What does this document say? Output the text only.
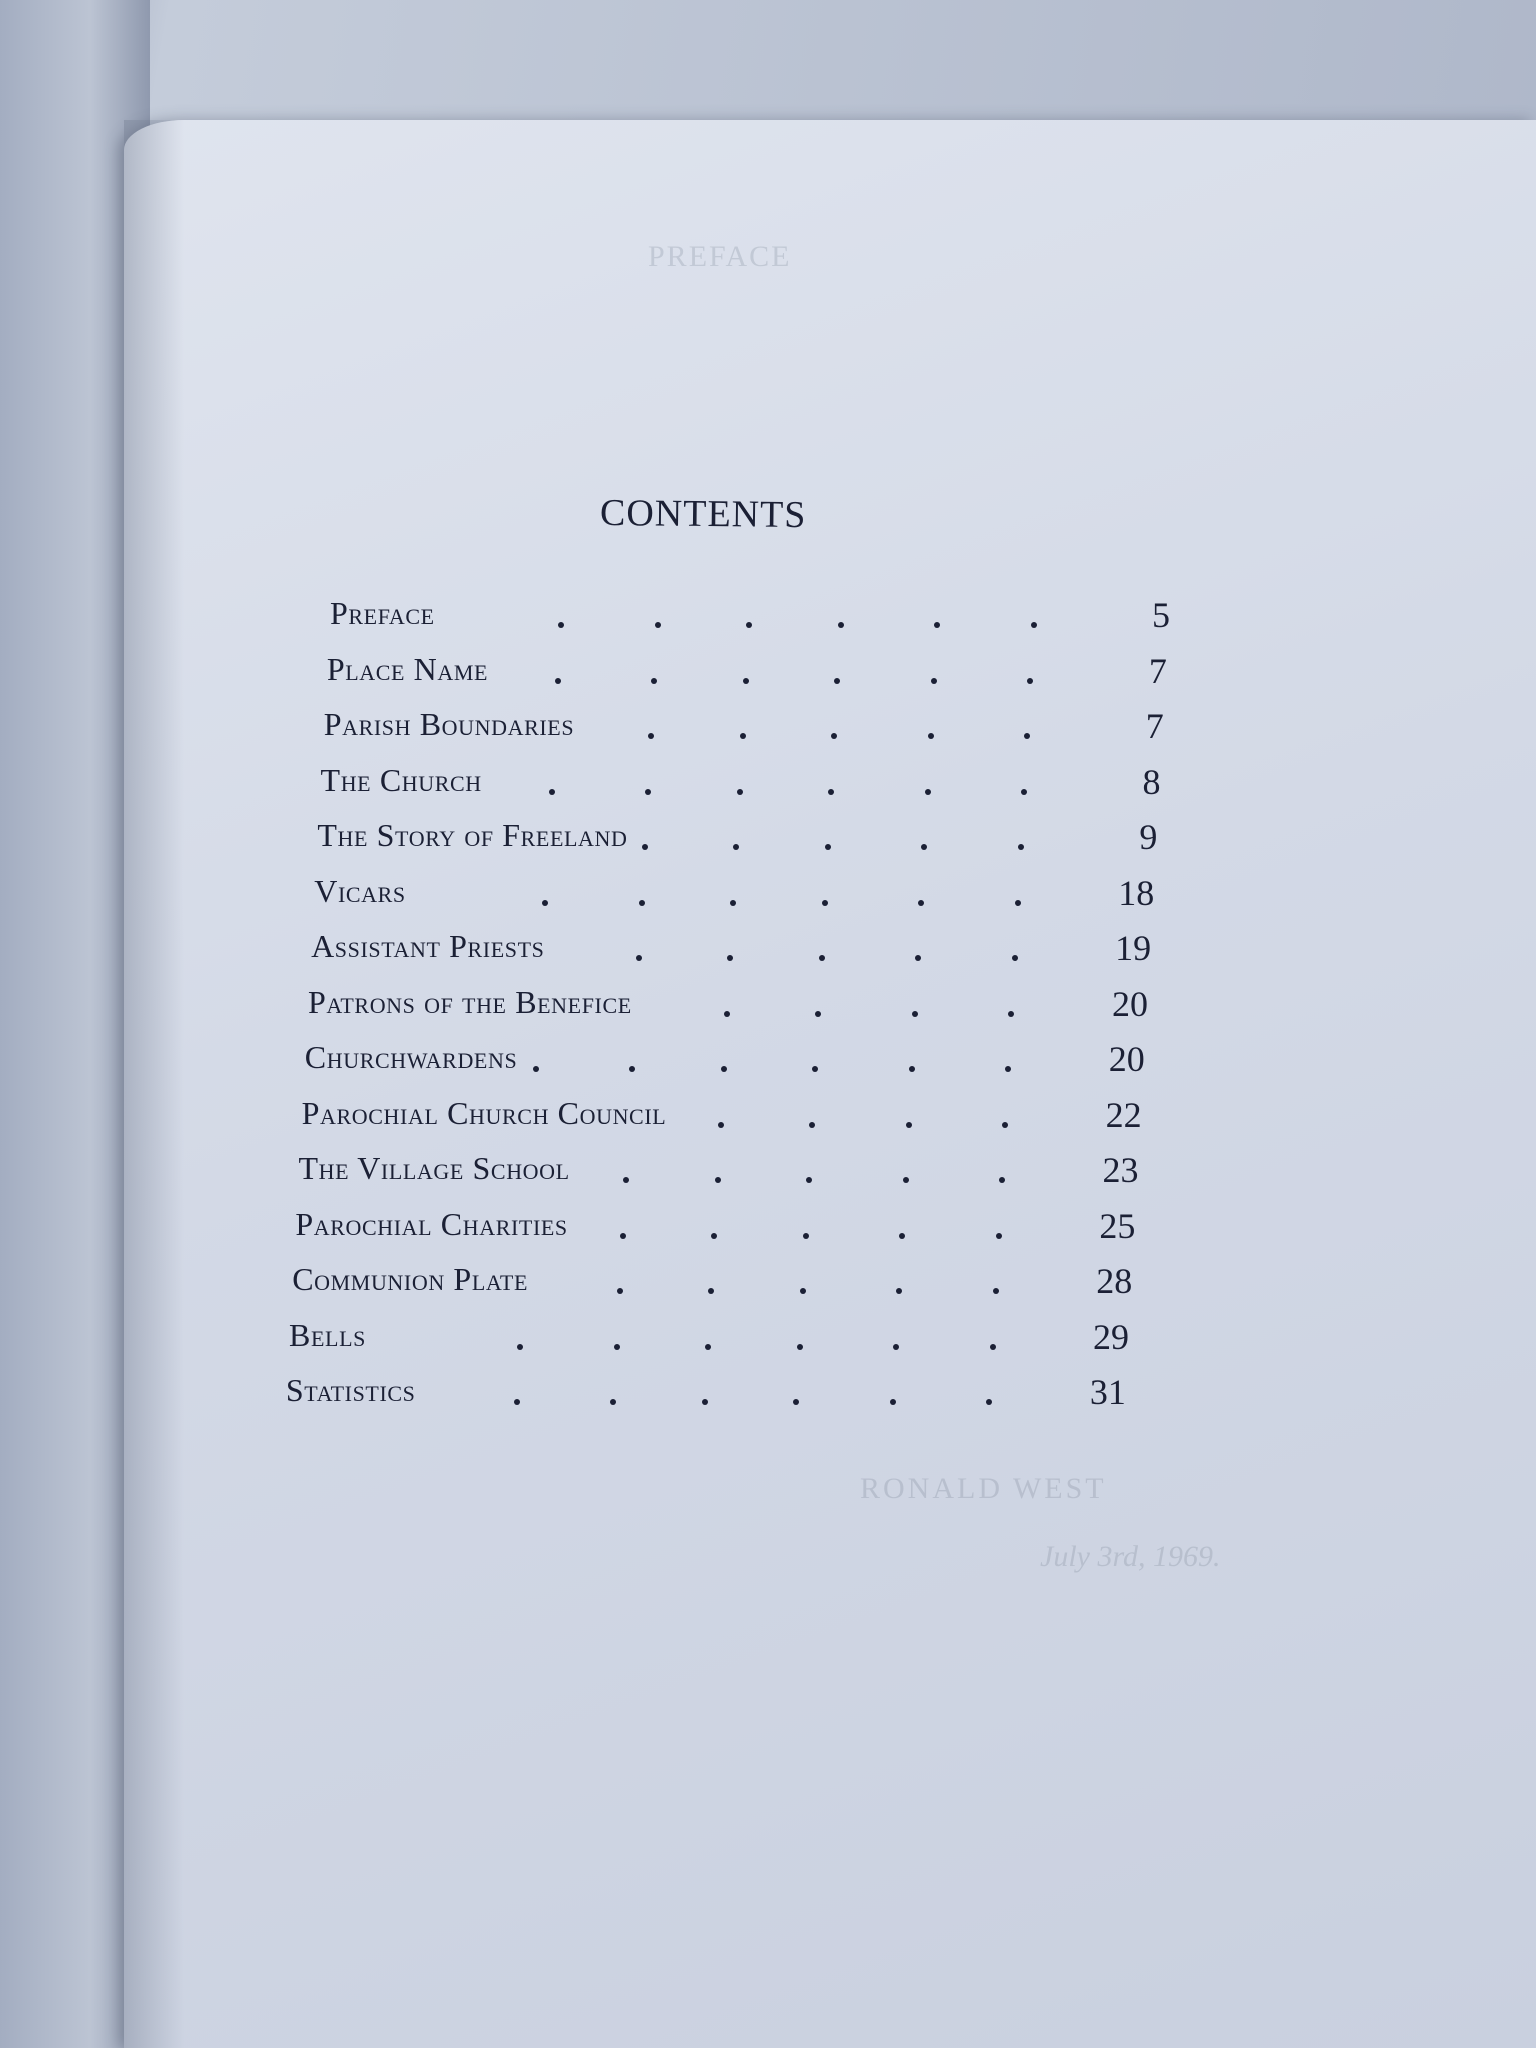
PREFACE
RONALD WEST
July 3rd, 1969.
CONTENTS
Preface	5
Place Name	7
Parish Boundaries	7
The Church	8
The Story of Freeland	9
Vicars	18
Assistant Priests	19
Patrons of the Benefice	20
Churchwardens	20
Parochial Church Council	22
The Village School	23
Parochial Charities	25
Communion Plate	28
Bells	29
Statistics	31
